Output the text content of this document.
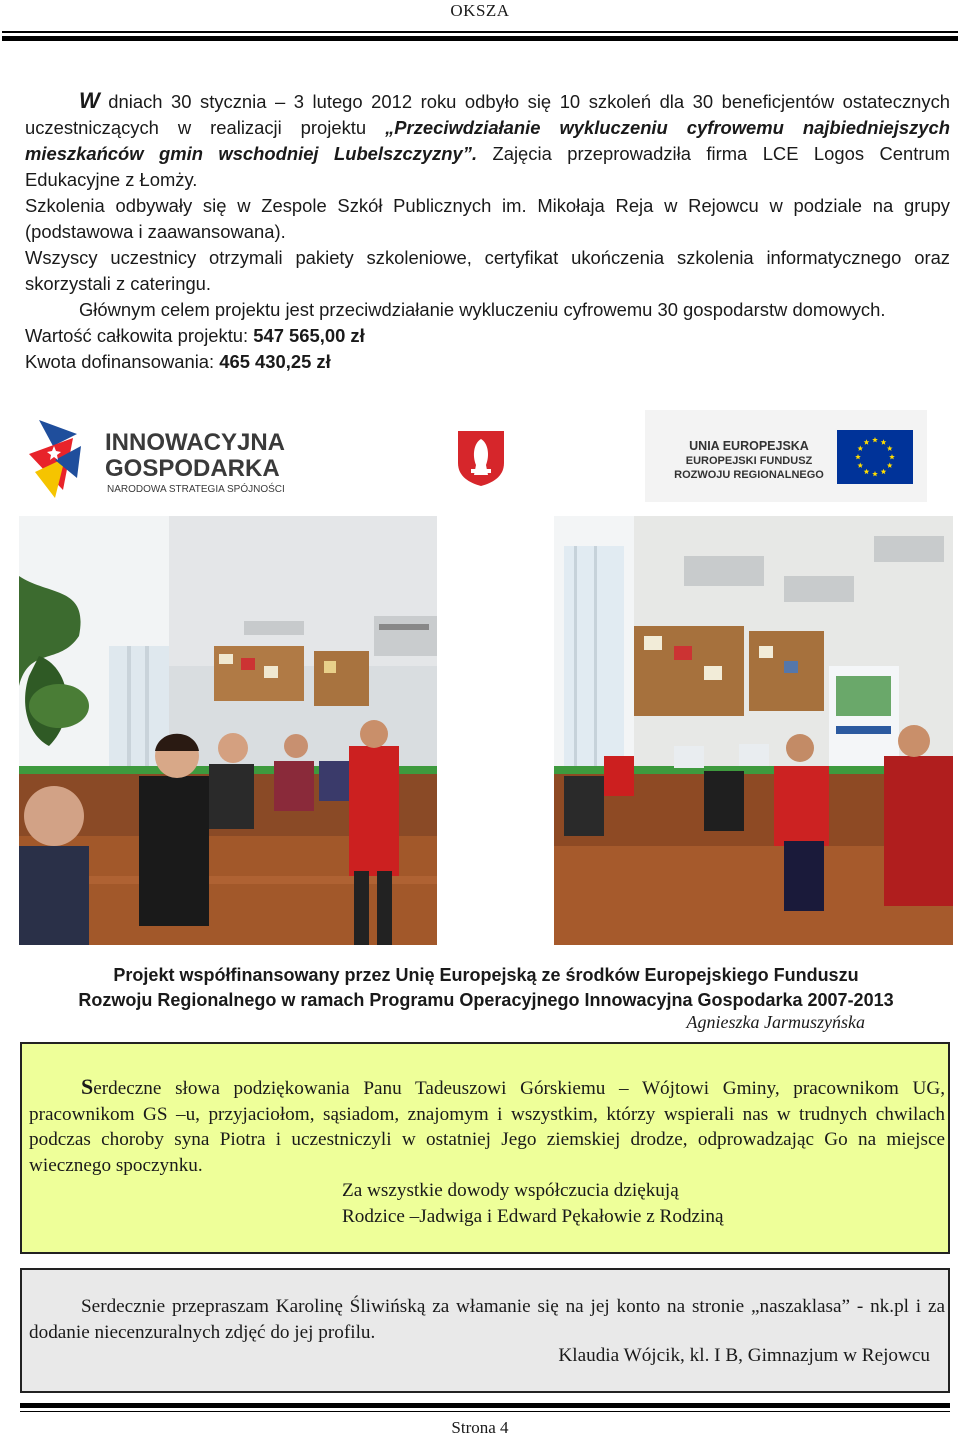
OKSZA

W dniach 30 stycznia – 3 lutego 2012 roku odbyło się 10 szkoleń dla 30 beneficjentów ostatecznych uczestniczących w realizacji projektu „Przeciwdziałanie wykluczeniu cyfrowemu najbiedniejszych mieszkańców gmin wschodniej Lubelszczyzny”. Zajęcia przeprowadziła firma LCE Logos Centrum Edukacyjne z Łomży.

Szkolenia odbywały się w Zespole Szkół Publicznych im. Mikołaja Reja w Rejowcu w podziale na grupy (podstawowa i zaawansowana).

Wszyscy uczestnicy otrzymali pakiety szkoleniowe, certyfikat ukończenia szkolenia informatycznego oraz skorzystali z cateringu.

Głównym celem projektu jest przeciwdziałanie wykluczeniu cyfrowemu 30 gospodarstw domowych.

Wartość całkowita projektu: 547 565,00 zł

Kwota dofinansowania: 465 430,25 zł

INNOWACYJNA
GOSPODARKA
NARODOWA STRATEGIA SPÓJNOŚCI
UNIA EUROPEJSKA
EUROPEJSKI FUNDUSZ
ROZWOJU REGIONALNEGO
Projekt współfinansowany przez Unię Europejską ze środków Europejskiego Funduszu
Rozwoju Regionalnego w ramach Programu Operacyjnego Innowacyjna Gospodarka 2007-2013
Agnieszka Jarmuszyńska
Serdeczne słowa podziękowania Panu Tadeuszowi Górskiemu – Wójtowi Gminy, pracownikom UG, pracownikom GS –u, przyjaciołom, sąsiadom, znajomym i wszystkim, którzy wspierali nas w trudnych chwilach podczas choroby syna Piotra i uczestniczyli w ostatniej Jego ziemskiej drodze, odprowadzając Go na miejsce wiecznego spoczynku.
Za wszystkie dowody współczucia dziękują
Rodzice –Jadwiga i Edward Pękałowie z Rodziną
Serdecznie przepraszam Karolinę Śliwińską za włamanie się na jej konto na stronie „naszaklasa” - nk.pl i za dodanie niecenzuralnych zdjęć do jej profilu.
Klaudia Wójcik, kl. I B, Gimnazjum w Rejowcu
Strona 4
